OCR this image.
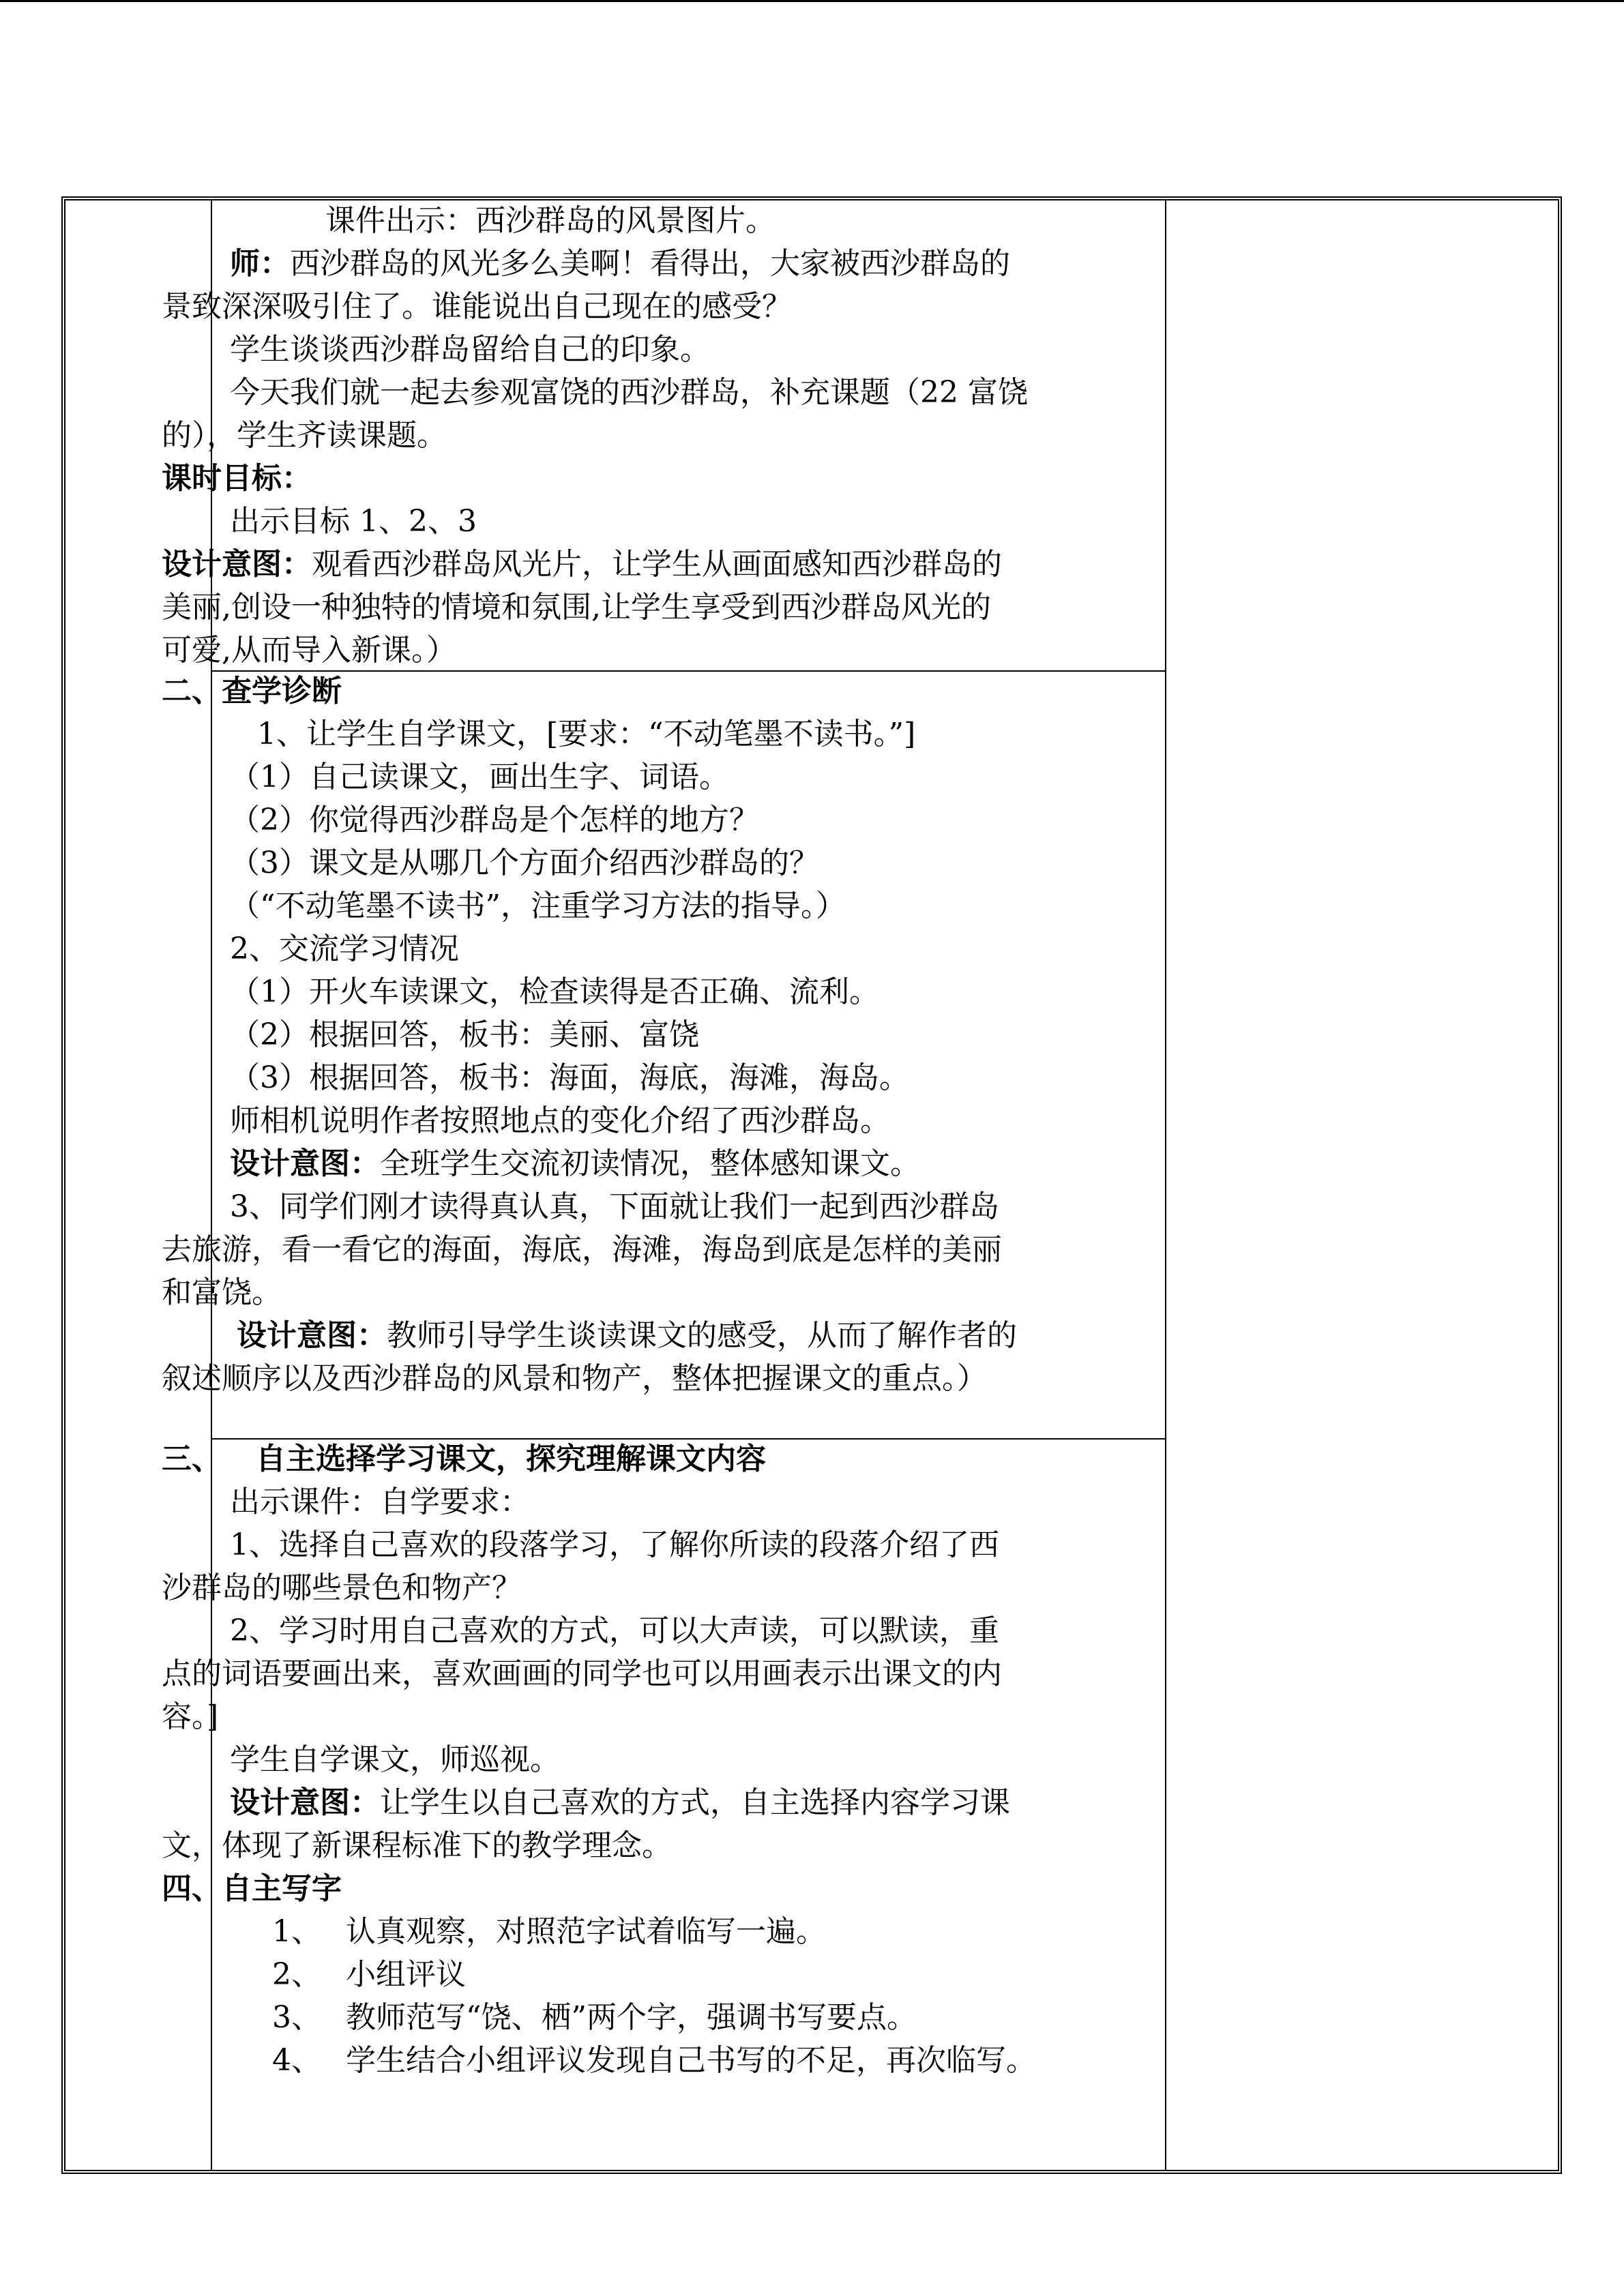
课件出示：西沙群岛的风景图片。
师：西沙群岛的风光多么美啊！看得出，大家被西沙群岛的
景致深深吸引住了。谁能说出自己现在的感受？
学生谈谈西沙群岛留给自己的印象。
今天我们就一起去参观富饶的西沙群岛，补充课题（22 富饶
的），学生齐读课题。
课时目标：
出示目标 1、2、3
设计意图：观看西沙群岛风光片，让学生从画面感知西沙群岛的
美丽,创设一种独特的情境和氛围,让学生享受到西沙群岛风光的
可爱,从而导入新课。）
二、查学诊断
1、让学生自学课文，[要求：“不动笔墨不读书。”]
（1）自己读课文，画出生字、词语。
（2）你觉得西沙群岛是个怎样的地方？
（3）课文是从哪几个方面介绍西沙群岛的？
（“不动笔墨不读书”，注重学习方法的指导。）
2、交流学习情况
（1）开火车读课文，检查读得是否正确、流利。
（2）根据回答，板书：美丽、富饶
（3）根据回答，板书：海面，海底，海滩，海岛。
师相机说明作者按照地点的变化介绍了西沙群岛。
设计意图：全班学生交流初读情况，整体感知课文。
3、同学们刚才读得真认真，下面就让我们一起到西沙群岛
去旅游，看一看它的海面，海底，海滩，海岛到底是怎样的美丽
和富饶。
设计意图：教师引导学生谈读课文的感受，从而了解作者的
叙述顺序以及西沙群岛的风景和物产，整体把握课文的重点。）
三、 自主选择学习课文，探究理解课文内容
出示课件：自学要求：
1、选择自己喜欢的段落学习，了解你所读的段落介绍了西
沙群岛的哪些景色和物产？
2、学习时用自己喜欢的方式，可以大声读，可以默读，重
点的词语要画出来，喜欢画画的同学也可以用画表示出课文的内
容。]
学生自学课文，师巡视。
设计意图：让学生以自己喜欢的方式，自主选择内容学习课
文，体现了新课程标准下的教学理念。
四、自主写字
1、 认真观察，对照范字试着临写一遍。
2、 小组评议
3、 教师范写“饶、栖”两个字，强调书写要点。
4、 学生结合小组评议发现自己书写的不足，再次临写。
